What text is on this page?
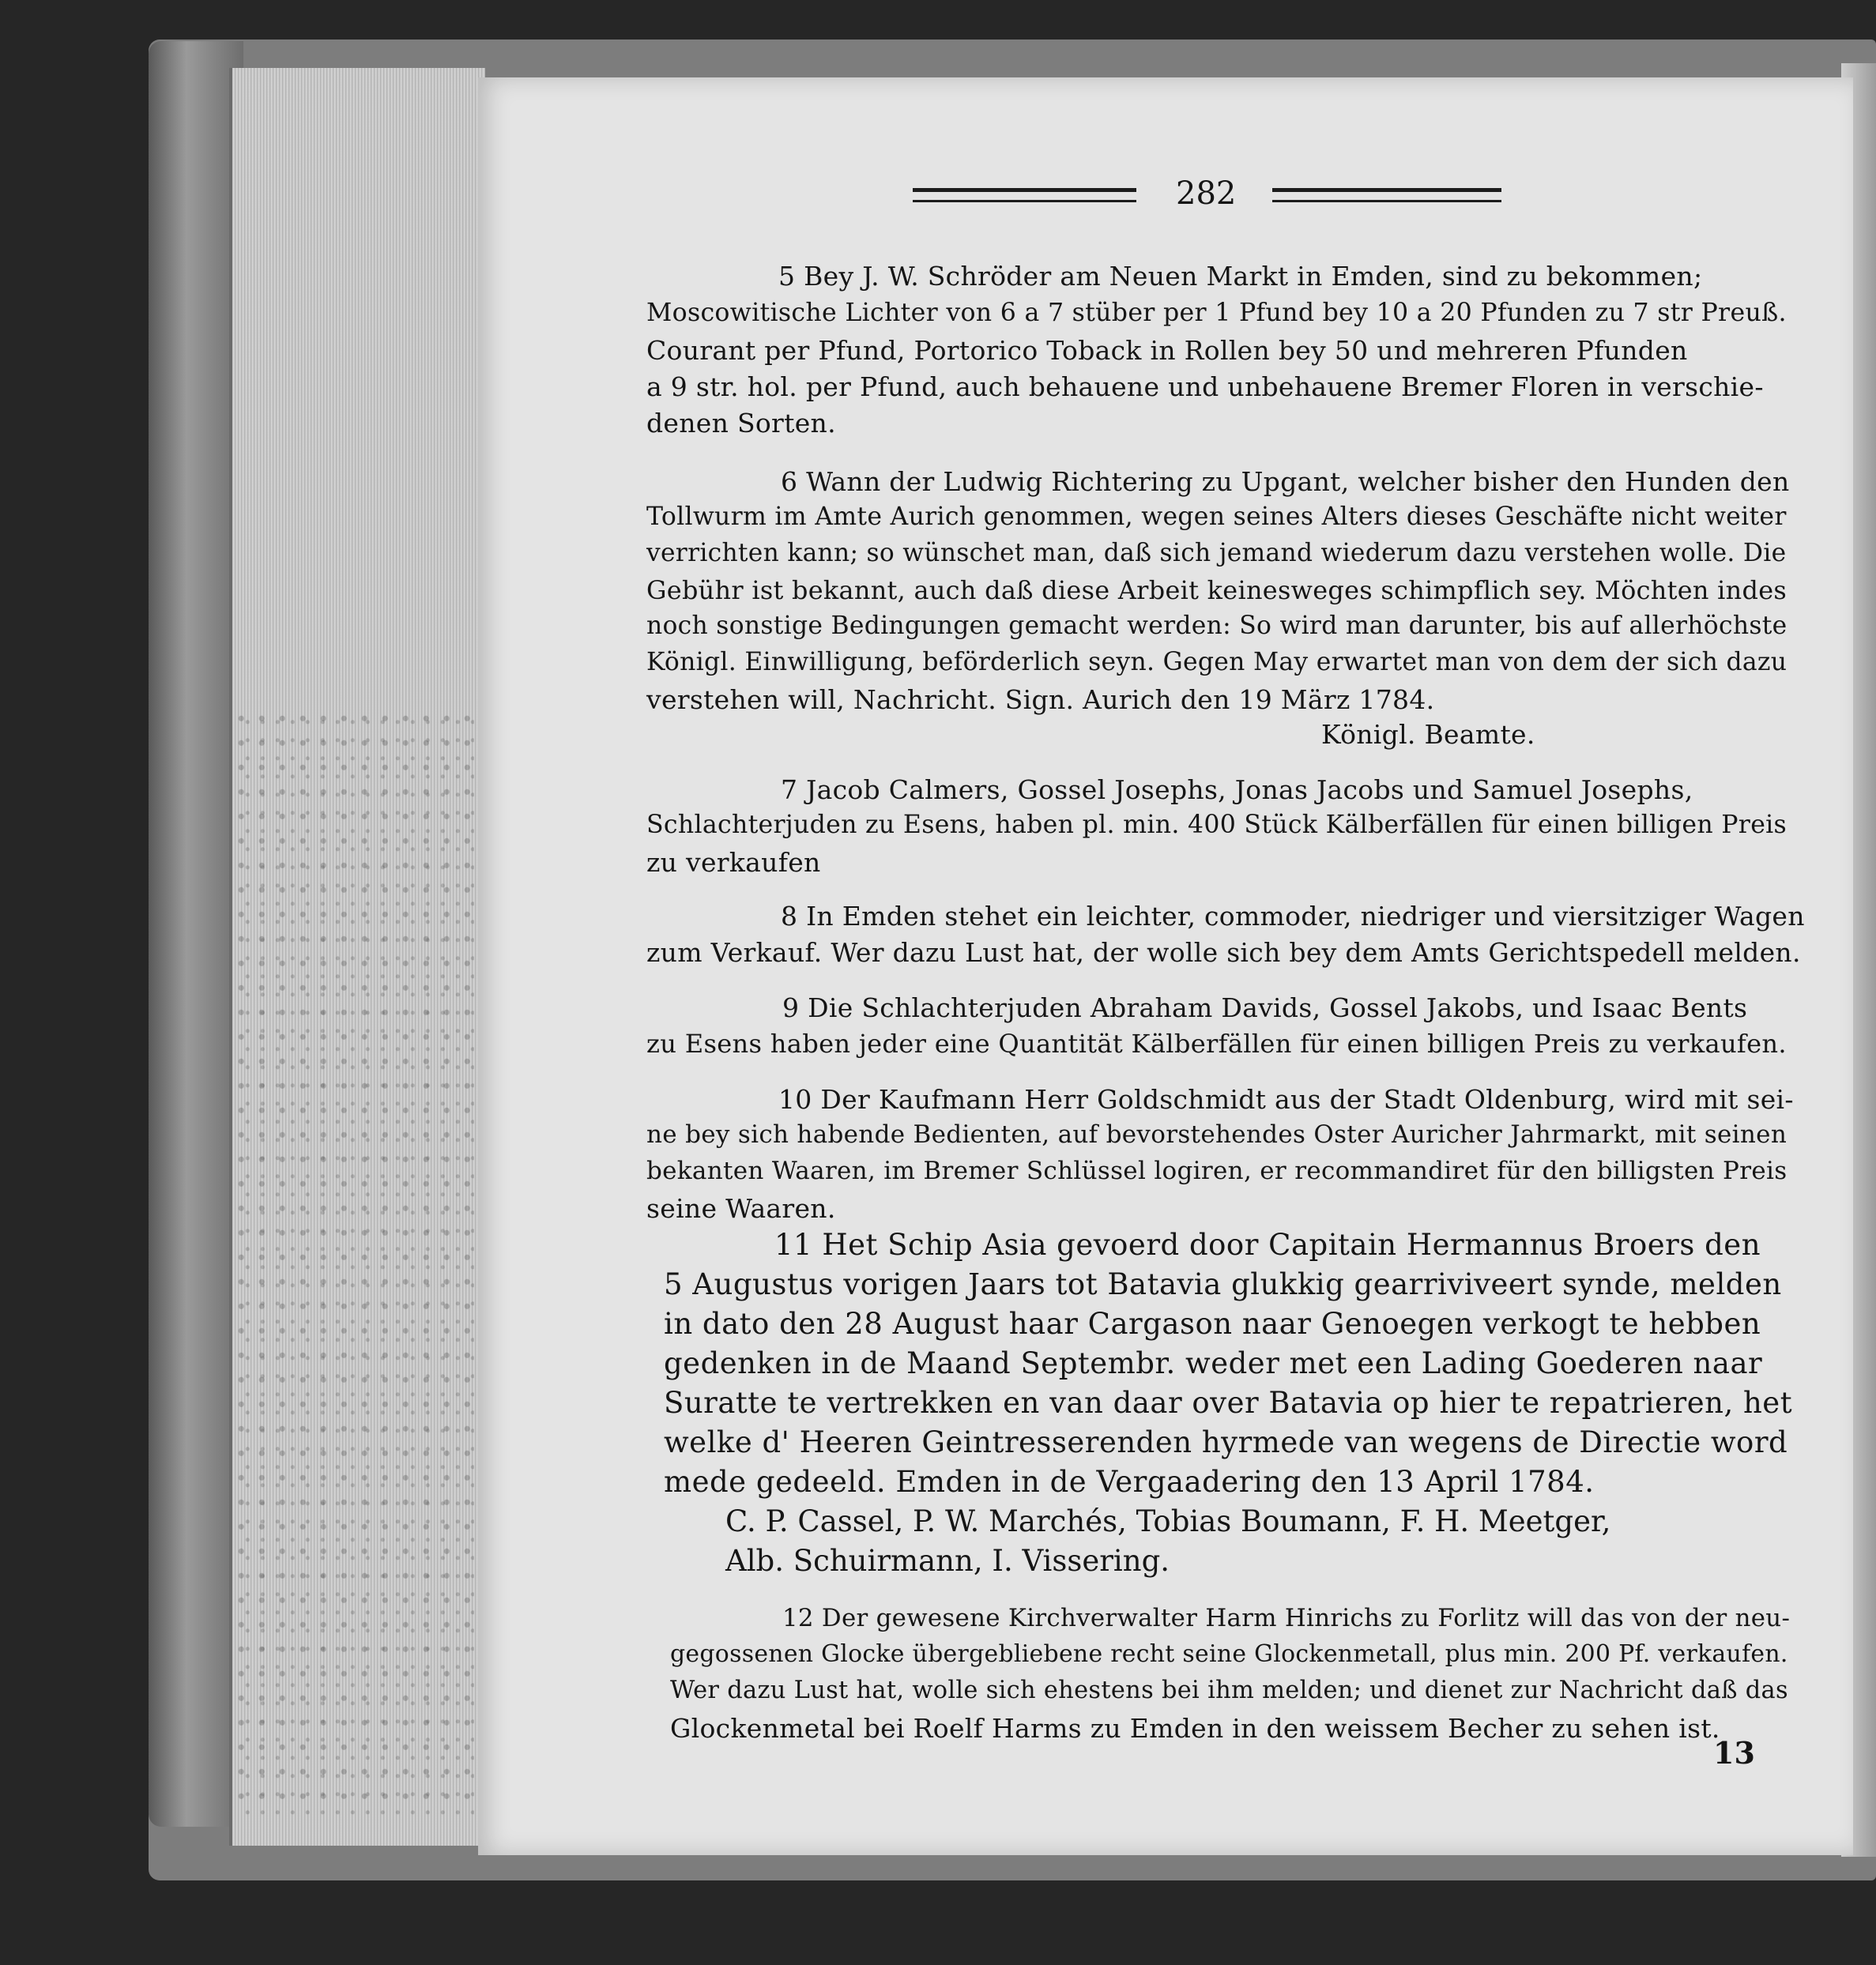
282
5 Bey J. W. Schröder am Neuen Markt in Emden, sind zu bekommen;
Moscowitische Lichter von 6 a 7 stüber per 1 Pfund bey 10 a 20 Pfunden zu 7 str Preuß.
Courant per Pfund, Portorico Toback in Rollen bey 50 und mehreren Pfunden
a 9 str. hol. per Pfund, auch behauene und unbehauene Bremer Floren in verschie-
denen Sorten.
6 Wann der Ludwig Richtering zu Upgant, welcher bisher den Hunden den
Tollwurm im Amte Aurich genommen, wegen seines Alters dieses Geschäfte nicht weiter
verrichten kann; so wünschet man, daß sich jemand wiederum dazu verstehen wolle. Die
Gebühr ist bekannt, auch daß diese Arbeit keinesweges schimpflich sey. Möchten indes
noch sonstige Bedingungen gemacht werden: So wird man darunter, bis auf allerhöchste
Königl. Einwilligung, beförderlich seyn. Gegen May erwartet man von dem der sich dazu
verstehen will, Nachricht. Sign. Aurich den 19 März 1784.
Königl. Beamte.
7 Jacob Calmers, Gossel Josephs, Jonas Jacobs und Samuel Josephs,
Schlachterjuden zu Esens, haben pl. min. 400 Stück Kälberfällen für einen billigen Preis
zu verkaufen
8 In Emden stehet ein leichter, commoder, niedriger und viersitziger Wagen
zum Verkauf. Wer dazu Lust hat, der wolle sich bey dem Amts Gerichtspedell melden.
9 Die Schlachterjuden Abraham Davids, Gossel Jakobs, und Isaac Bents
zu Esens haben jeder eine Quantität Kälberfällen für einen billigen Preis zu verkaufen.
10 Der Kaufmann Herr Goldschmidt aus der Stadt Oldenburg, wird mit sei-
ne bey sich habende Bedienten, auf bevorstehendes Oster Auricher Jahrmarkt, mit seinen
bekanten Waaren, im Bremer Schlüssel logiren, er recommandiret für den billigsten Preis
seine Waaren.
11 Het Schip Asia gevoerd door Capitain Hermannus Broers den
5 Augustus vorigen Jaars tot Batavia glukkig gearriviveert synde, melden
in dato den 28 August haar Cargason naar Genoegen verkogt te hebben
gedenken in de Maand Septembr. weder met een Lading Goederen naar
Suratte te vertrekken en van daar over Batavia op hier te repatrieren, het
welke d' Heeren Geintresserenden hyrmede van wegens de Directie word
mede gedeeld. Emden in de Vergaadering den 13 April 1784.
C. P. Cassel, P. W. Marchés, Tobias Boumann, F. H. Meetger,
Alb. Schuirmann, I. Vissering.
12 Der gewesene Kirchverwalter Harm Hinrichs zu Forlitz will das von der neu-
gegossenen Glocke übergebliebene recht seine Glockenmetall, plus min. 200 Pf. verkaufen.
Wer dazu Lust hat, wolle sich ehestens bei ihm melden; und dienet zur Nachricht daß das
Glockenmetal bei Roelf Harms zu Emden in den weissem Becher zu sehen ist.
13
